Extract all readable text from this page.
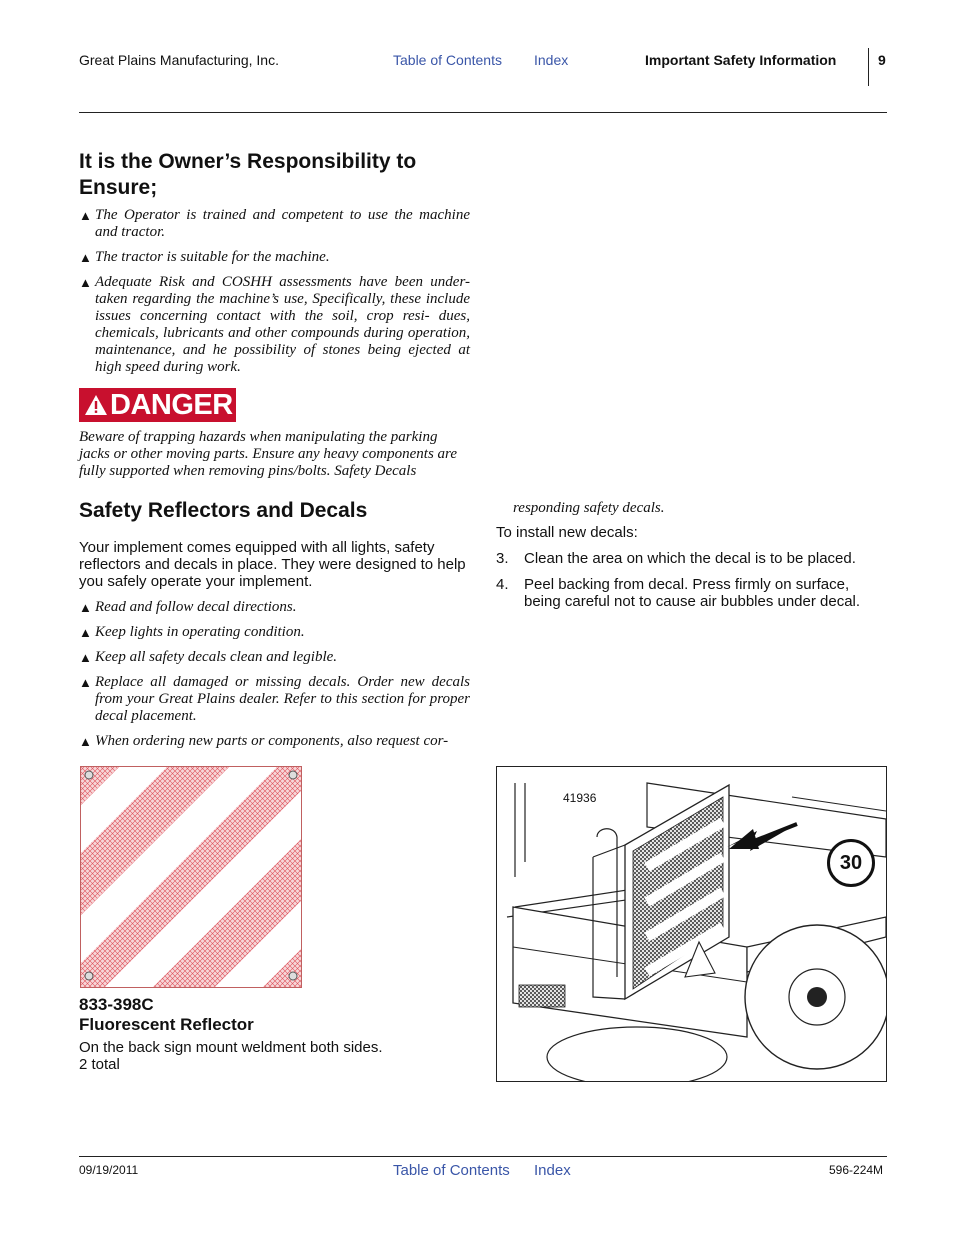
Great Plains Manufacturing, Inc.	Table of Contents Index	Important Safety Information	9
It is the Owner’s Responsibility to Ensure;
▲ The Operator is trained and competent to use the machine and tractor.
▲ The tractor is suitable for the machine.
▲ Adequate Risk and COSHH assessments have been under- taken regarding the machine’s use, Specifically, these include issues concerning contact with the soil, crop resi- dues, chemicals, lubricants and other compounds during operation, maintenance, and he possibility of stones being ejected at high speed during work.
DANGER
Beware of trapping hazards when manipulating the parking jacks or other moving parts. Ensure any heavy components are fully supported when removing pins/bolts. Safety Decals
Safety Reflectors and Decals
Your implement comes equipped with all lights, safety reflectors and decals in place. They were designed to help you safely operate your implement.
▲ Read and follow decal directions.
▲ Keep lights in operating condition.
▲ Keep all safety decals clean and legible.
▲ Replace all damaged or missing decals. Order new decals from your Great Plains dealer. Refer to this section for proper decal placement.
▲ When ordering new parts or components, also request cor-
responding safety decals.
To install new decals:
3.	Clean the area on which the decal is to be placed.
4.	Peel backing from decal. Press firmly on surface, being careful not to cause air bubbles under decal.
833-398C
Fluorescent Reflector
On the back sign mount weldment both sides.
2 total
41936
30
09/19/2011	Table of Contents Index	596-224M
